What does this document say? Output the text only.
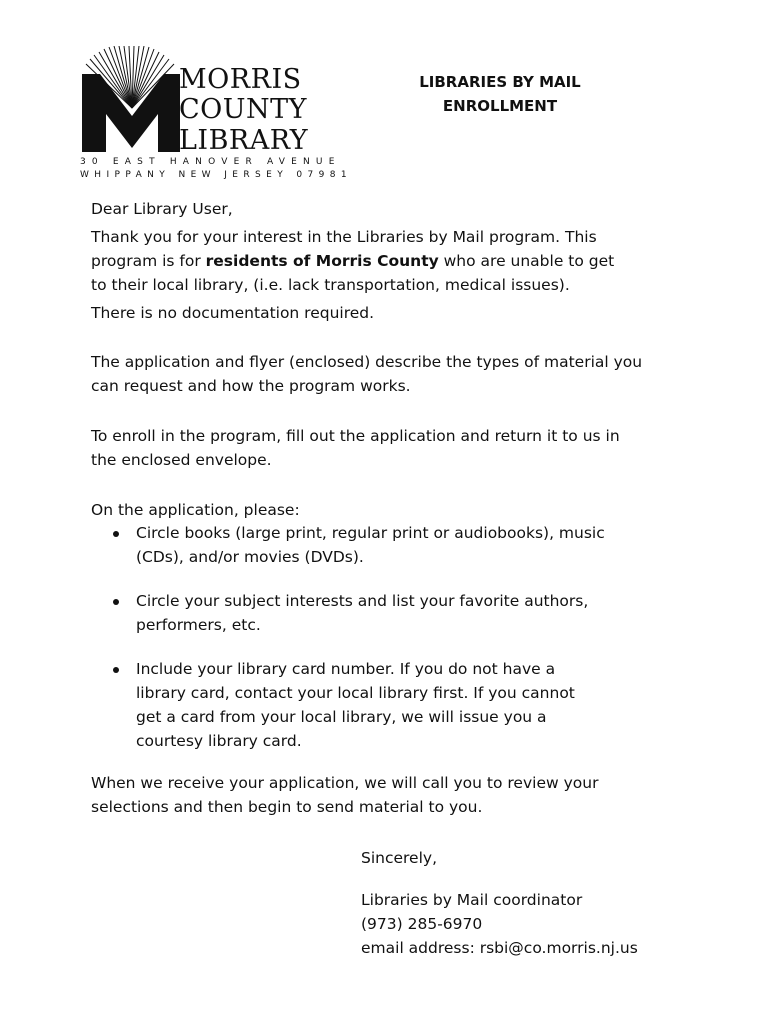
MORRIS
COUNTY
LIBRARY
30 EAST HANOVER AVENUE
WHIPPANY NEW JERSEY 07981
LIBRARIES BY MAIL
ENROLLMENT
Dear Library User,
Thank you for your interest in the Libraries by Mail program. This
program is for residents of Morris County who are unable to get
to their local library, (i.e. lack transportation, medical issues).
There is no documentation required.
The application and flyer (enclosed) describe the types of material you
can request and how the program works.
To enroll in the program, fill out the application and return it to us in
the enclosed envelope.
On the application, please:
Circle books (large print, regular print or audiobooks), music
(CDs), and/or movies (DVDs).
Circle your subject interests and list your favorite authors,
performers, etc.
Include your library card number. If you do not have a
library card, contact your local library first. If you cannot
get a card from your local library, we will issue you a
courtesy library card.
When we receive your application, we will call you to review your
selections and then begin to send material to you.
Sincerely,
Libraries by Mail coordinator
(973) 285-6970
email address: rsbi@co.morris.nj.us
